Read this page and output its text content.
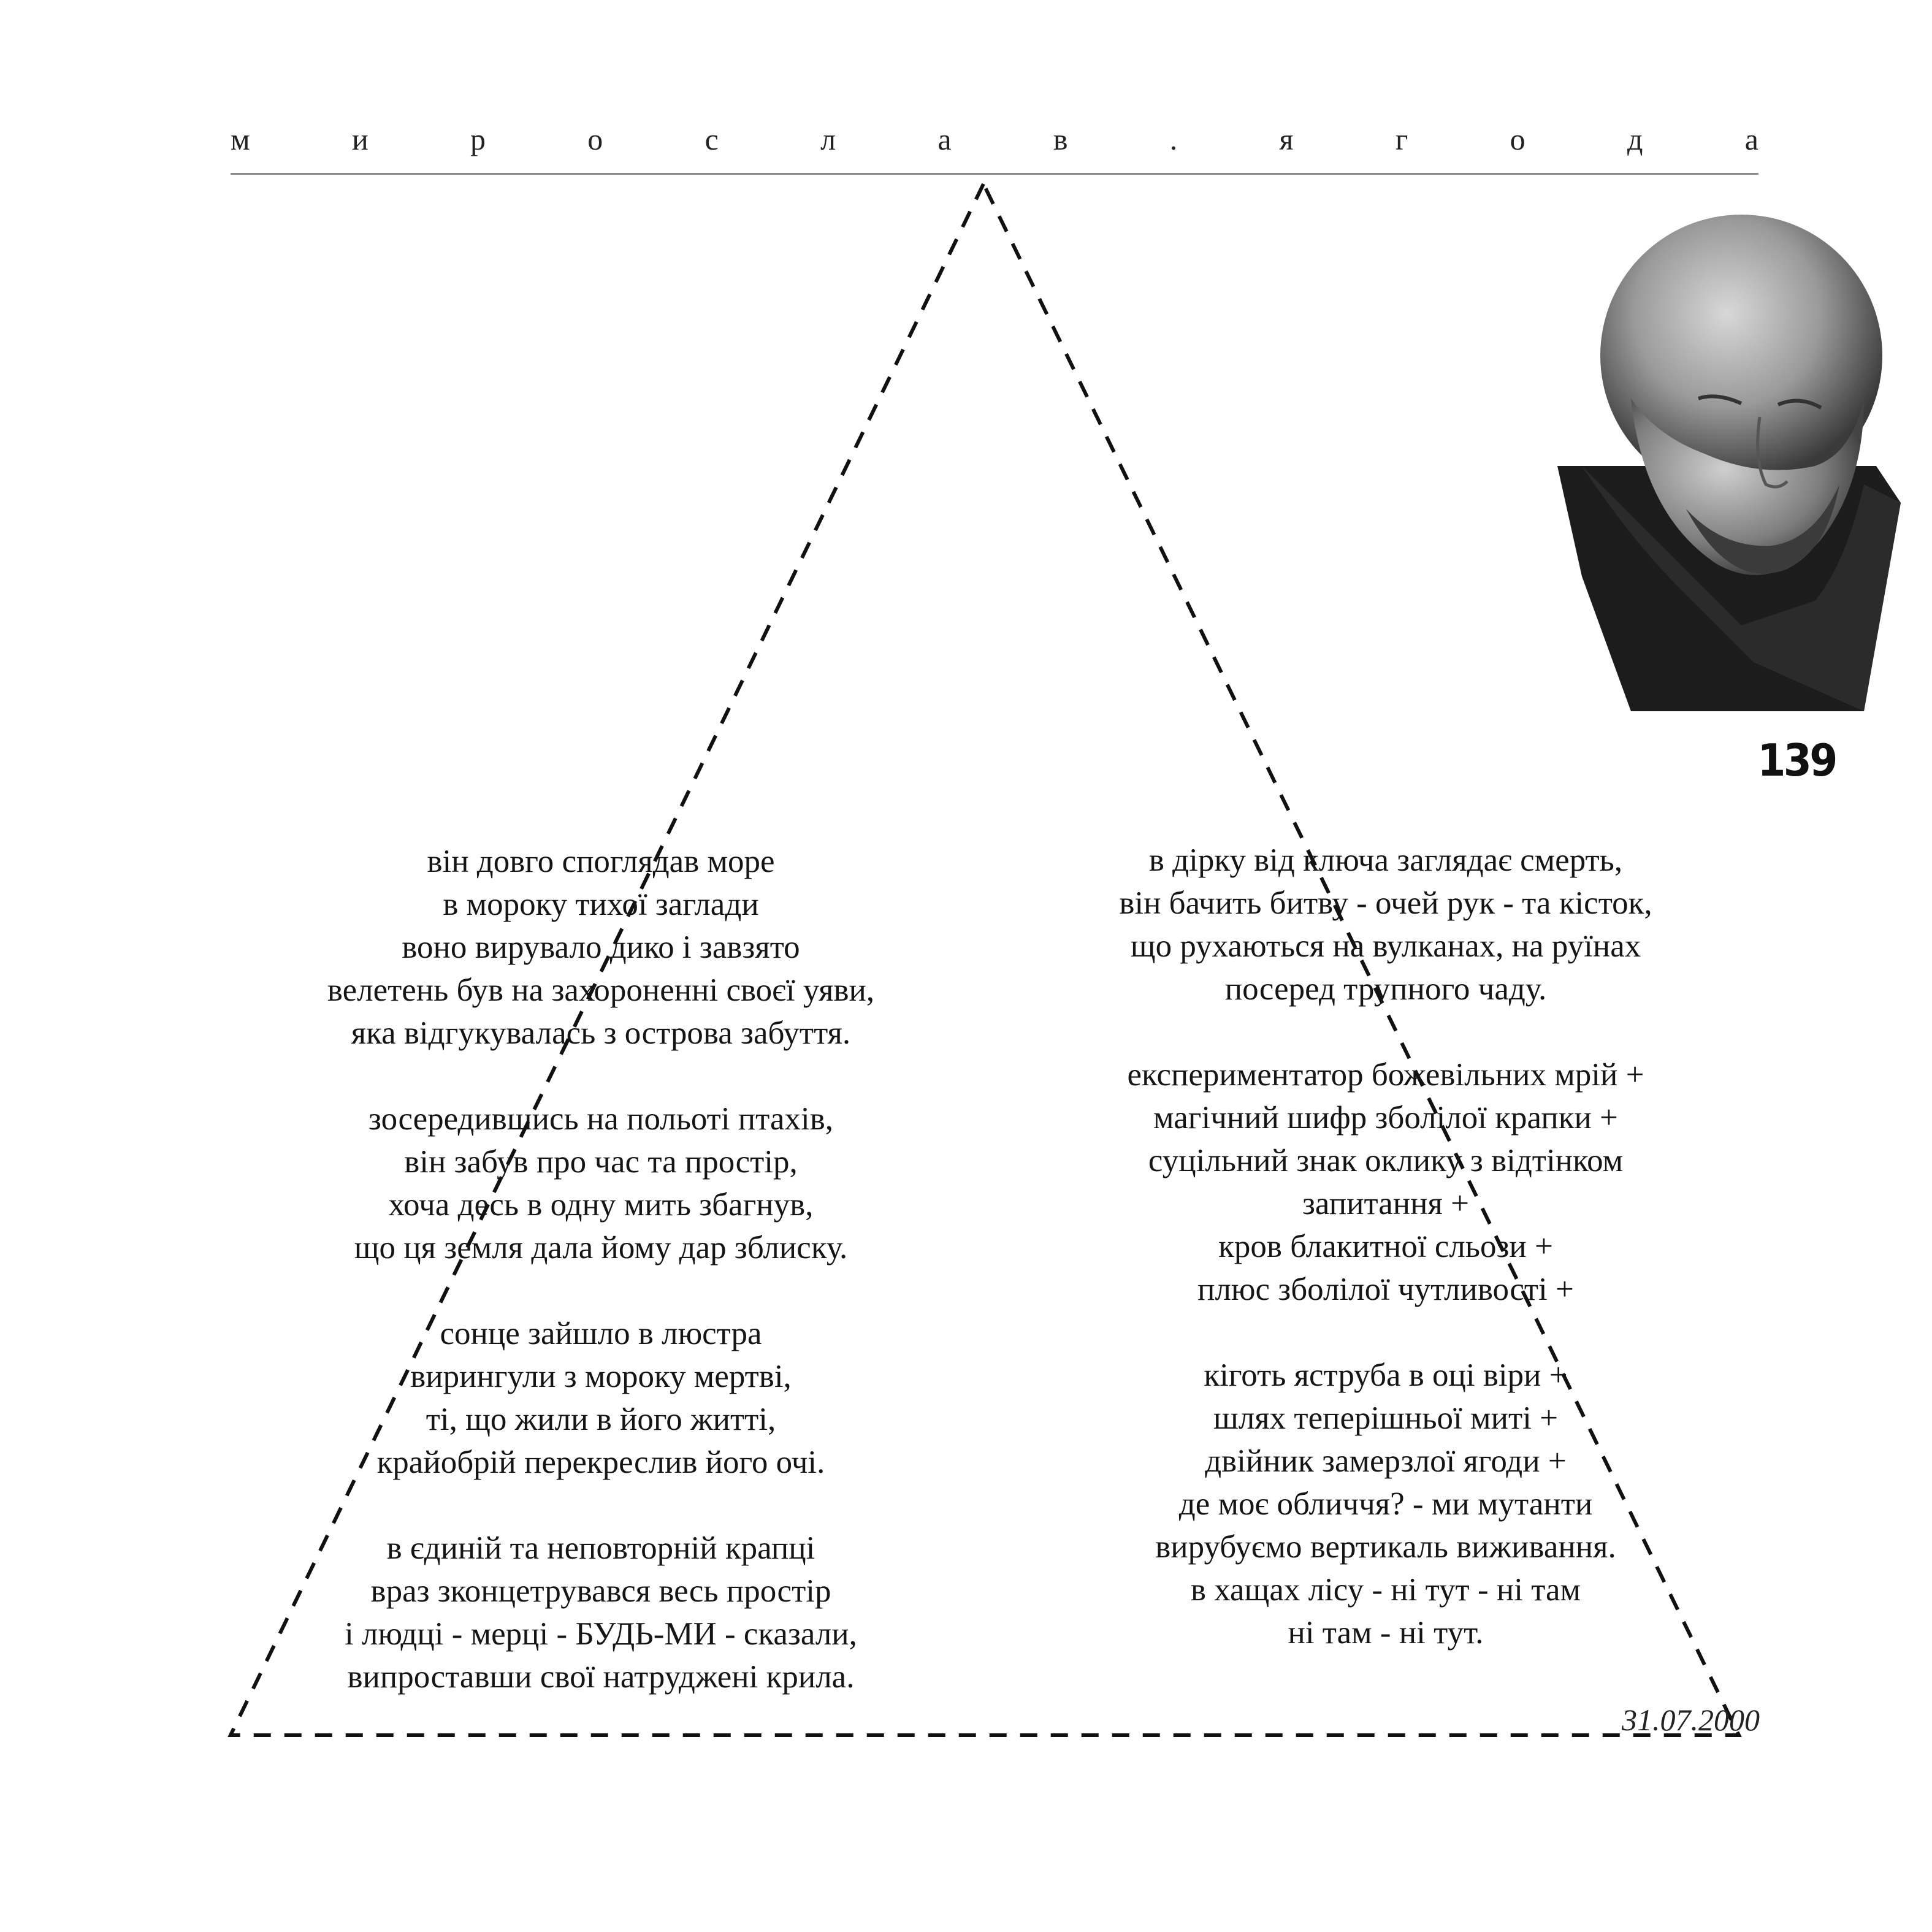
м	и	р	о	с	л	а	в	.	я	г	о	д	а
139
він довго споглядав море
в мороку тихої заглади
воно вирувало дико і завзято
велетень був на захороненні своєї уяви,
яка відгукувалась з острова забуття.
зосередившись на польоті птахів,
він забув про час та простір,
хоча десь в одну мить збагнув,
що ця земля дала йому дар зблиску.
сонце зайшло в люстра
вирингули з мороку мертві,
ті, що жили в його житті,
крайобрій перекреслив його очі.
в єдиній та неповторній крапці
враз зконцетрувався весь простір
і людці - мерці - БУДЬ-МИ - сказали,
випроставши свої натруджені крила.
в дірку від ключа заглядає смерть,
він бачить битву - очей рук - та кісток,
що рухаються на вулканах, на руїнах
посеред трупного чаду.
експериментатор божевільних мрій +
магічний шифр зболілої крапки +
суцільний знак оклику з відтінком
запитання +
кров блакитної сльози +
плюс зболілої чутливості +
кіготь яструба в оці віри +
шлях теперішньої миті +
двійник замерзлої ягоди +
де моє обличчя? - ми мутанти
вирубуємо вертикаль виживання.
в хащах лісу - ні тут - ні там
ні там - ні тут.
31.07.2000
